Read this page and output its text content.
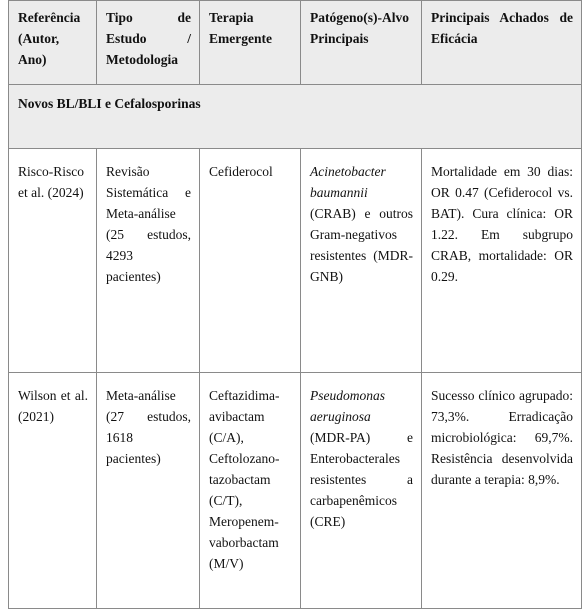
Referência (Autor, Ano)	Tipo de Estudo / Metodologia	Terapia Emergente	Patógeno(s)-Alvo Principais	Principais Achados de Eficácia
Novos BL/BLI e Cefalosporinas				
Risco-Risco et al. (2024)	Revisão Sistemática e Meta-análise (25 estudos, 4293 pacientes)	Cefiderocol	Acinetobacter baumannii (CRAB) e outros Gram-negativos resistentes (MDR-GNB)	Mortalidade em 30 dias: OR 0.47 (Cefiderocol vs. BAT). Cura clínica: OR 1.22. Em subgrupo CRAB, mortalidade: OR 0.29.
Wilson et al. (2021)	Meta-análise (27 estudos, 1618 pacientes)	Ceftazidima-avibactam (C/A), Ceftolozano-tazobactam (C/T), Meropenem-vaborbactam (M/V)	Pseudomonas aeruginosa (MDR-PA) e Enterobacterales resistentes a carbapenêmicos (CRE)	Sucesso clínico agrupado: 73,3%. Erradicação microbiológica: 69,7%. Resistência desenvolvida durante a terapia: 8,9%.
